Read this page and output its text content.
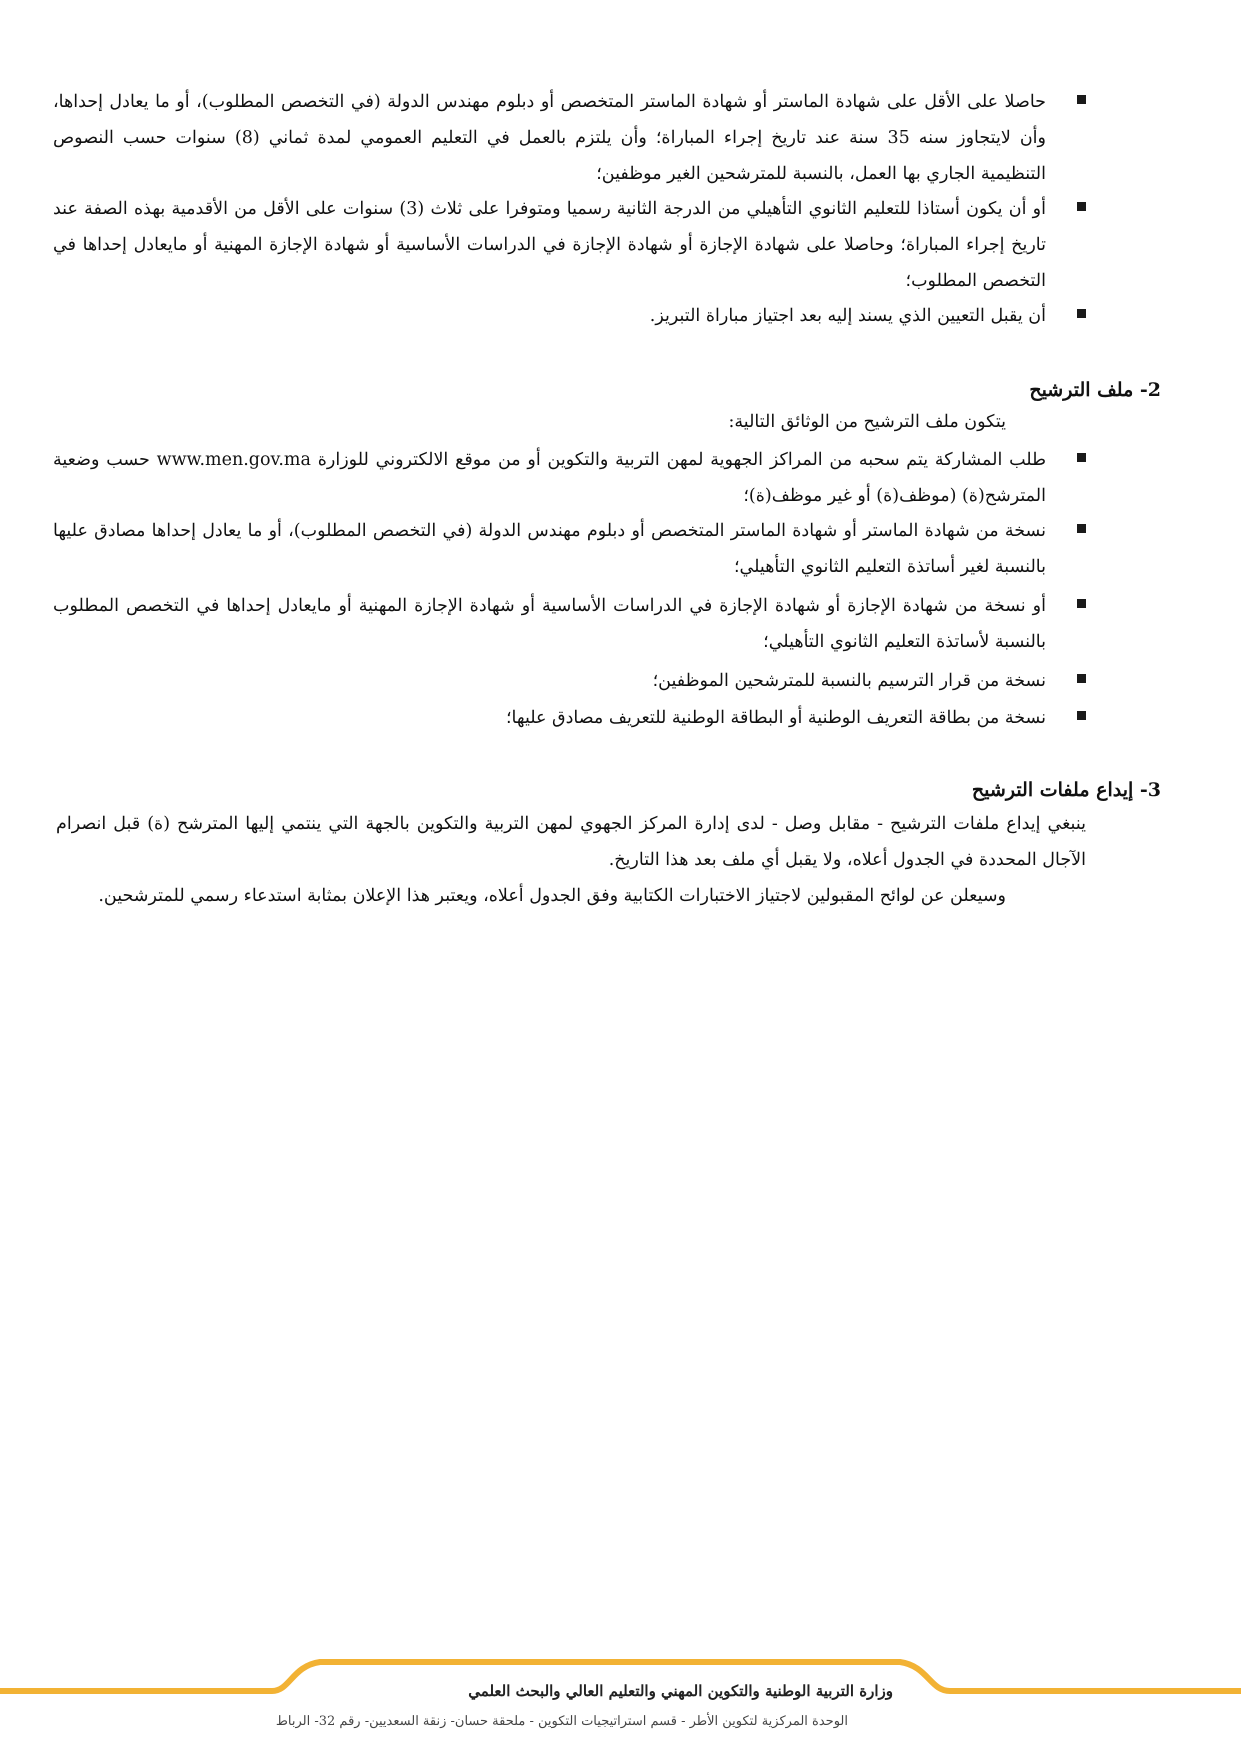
حاصلا على الأقل على شهادة الماستر أو شهادة الماستر المتخصص أو دبلوم مهندس الدولة (في التخصص المطلوب)، أو ما يعادل إحداها، وأن لايتجاوز سنه 35 سنة عند تاريخ إجراء المباراة؛ وأن يلتزم بالعمل في التعليم العمومي لمدة ثماني (8) سنوات حسب النصوص التنظيمية الجاري بها العمل، بالنسبة للمترشحين الغير موظفين؛
أو أن يكون أستاذا للتعليم الثانوي التأهيلي من الدرجة الثانية رسميا ومتوفرا على ثلاث (3) سنوات على الأقل من الأقدمية بهذه الصفة عند تاريخ إجراء المباراة؛ وحاصلا على شهادة الإجازة أو شهادة الإجازة في الدراسات الأساسية أو شهادة الإجازة المهنية أو مايعادل إحداها في التخصص المطلوب؛
أن يقبل التعيين الذي يسند إليه بعد اجتياز مباراة التبريز.
2- ملف الترشيح
يتكون ملف الترشيح من الوثائق التالية:
طلب المشاركة يتم سحبه من المراكز الجهوية لمهن التربية والتكوين أو من موقع الالكتروني للوزارة www.men.gov.ma حسب وضعية المترشح(ة) (موظف(ة) أو غير موظف(ة)؛
نسخة من شهادة الماستر أو شهادة الماستر المتخصص أو دبلوم مهندس الدولة (في التخصص المطلوب)، أو ما يعادل إحداها مصادق عليها بالنسبة لغير أساتذة التعليم الثانوي التأهيلي؛
أو نسخة من شهادة الإجازة أو شهادة الإجازة في الدراسات الأساسية أو شهادة الإجازة المهنية أو مايعادل إحداها في التخصص المطلوب بالنسبة لأساتذة التعليم الثانوي التأهيلي؛
نسخة من قرار الترسيم بالنسبة للمترشحين الموظفين؛
نسخة من بطاقة التعريف الوطنية أو البطاقة الوطنية للتعريف مصادق عليها؛
3- إيداع ملفات الترشيح
ينبغي إيداع ملفات الترشيح - مقابل وصل - لدى إدارة المركز الجهوي لمهن التربية والتكوين بالجهة التي ينتمي إليها المترشح (ة) قبل انصرام الآجال المحددة في الجدول أعلاه، ولا يقبل أي ملف بعد هذا التاريخ.
وسيعلن عن لوائح المقبولين لاجتياز الاختبارات الكتابية وفق الجدول أعلاه، ويعتبر هذا الإعلان بمثابة استدعاء رسمي للمترشحين.
وزارة التربية الوطنية والتكوين المهني والتعليم العالي والبحث العلمي
الوحدة المركزية لتكوين الأطر - قسم استراتيجيات التكوين - ملحقة حسان- زنقة السعديين- رقم 32- الرباط
